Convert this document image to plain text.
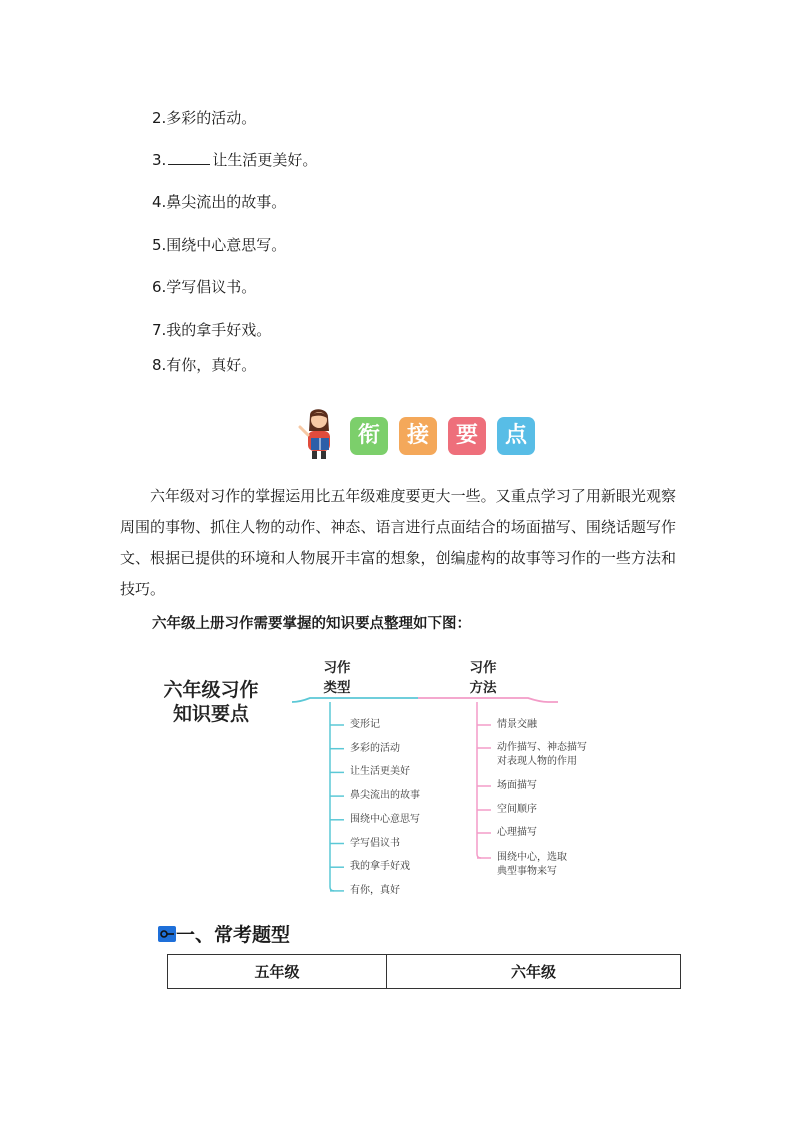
2.多彩的活动。
3.	让生活更美好。
4.鼻尖流出的故事。
5.围绕中心意思写。
6.学写倡议书。
7.我的拿手好戏。
8.有你，真好。
衔	接	要	点
六年级对习作的掌握运用比五年级难度要更大一些。又重点学习了用新眼光观察周围的事物、抓住人物的动作、神态、语言进行点面结合的场面描写、围绕话题写作文、根据已提供的环境和人物展开丰富的想象，创编虚构的故事等习作的一些方法和技巧。
六年级上册习作需要掌握的知识要点整理如下图：
六年级习作
知识要点
习作
类型
习作
方法
变形记
多彩的活动
让生活更美好
鼻尖流出的故事
围绕中心意思写
学写倡议书
我的拿手好戏
有你，真好
情景交融
动作描写、神态描写
对表现人物的作用
场面描写
空间顺序
心理描写
围绕中心，选取
典型事物来写
一、常考题型
五年级	六年级
